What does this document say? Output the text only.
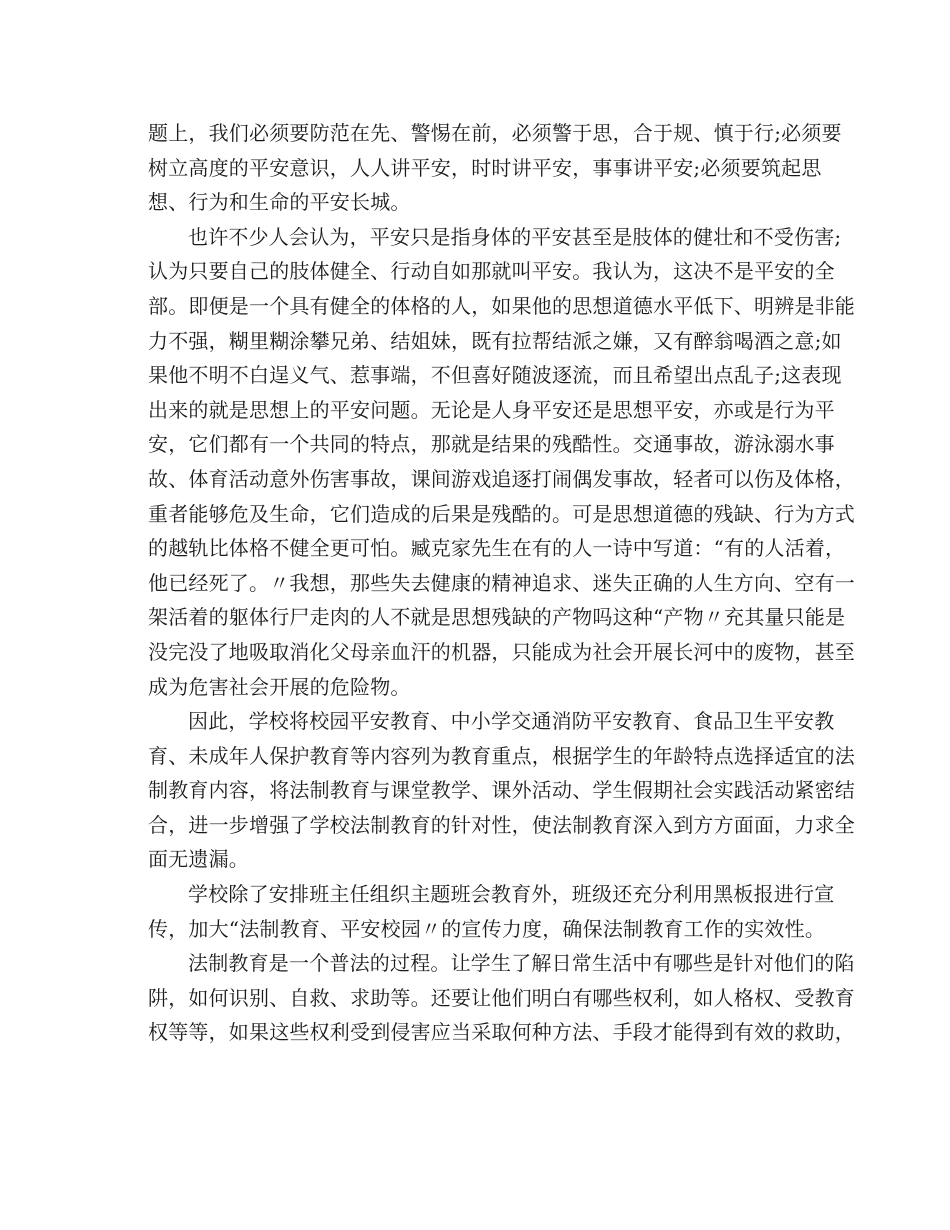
题上，我们必须要防范在先、警惕在前，必须警于思，合于规、慎于行;必须要
树立高度的平安意识，人人讲平安，时时讲平安，事事讲平安;必须要筑起思
想、行为和生命的平安长城。
也许不少人会认为，平安只是指身体的平安甚至是肢体的健壮和不受伤害;
认为只要自己的肢体健全、行动自如那就叫平安。我认为，这决不是平安的全
部。即便是一个具有健全的体格的人，如果他的思想道德水平低下、明辨是非能
力不强，糊里糊涂攀兄弟、结姐妹，既有拉帮结派之嫌，又有醉翁喝酒之意;如
果他不明不白逞义气、惹事端，不但喜好随波逐流，而且希望出点乱子;这表现
出来的就是思想上的平安问题。无论是人身平安还是思想平安，亦或是行为平
安，它们都有一个共同的特点，那就是结果的残酷性。交通事故，游泳溺水事
故、体育活动意外伤害事故，课间游戏追逐打闹偶发事故，轻者可以伤及体格，
重者能够危及生命，它们造成的后果是残酷的。可是思想道德的残缺、行为方式
的越轨比体格不健全更可怕。臧克家先生在有的人一诗中写道：“有的人活着，
他已经死了。〃我想，那些失去健康的精神追求、迷失正确的人生方向、空有一
架活着的躯体行尸走肉的人不就是思想残缺的产物吗这种“产物〃充其量只能是
没完没了地吸取消化父母亲血汗的机器，只能成为社会开展长河中的废物，甚至
成为危害社会开展的危险物。
因此，学校将校园平安教育、中小学交通消防平安教育、食品卫生平安教
育、未成年人保护教育等内容列为教育重点，根据学生的年龄特点选择适宜的法
制教育内容，将法制教育与课堂教学、课外活动、学生假期社会实践活动紧密结
合，进一步增强了学校法制教育的针对性，使法制教育深入到方方面面，力求全
面无遗漏。
学校除了安排班主任组织主题班会教育外，班级还充分利用黑板报进行宣
传，加大“法制教育、平安校园〃的宣传力度，确保法制教育工作的实效性。
法制教育是一个普法的过程。让学生了解日常生活中有哪些是针对他们的陷
阱，如何识别、自救、求助等。还要让他们明白有哪些权利，如人格权、受教育
权等等，如果这些权利受到侵害应当采取何种方法、手段才能得到有效的救助，
